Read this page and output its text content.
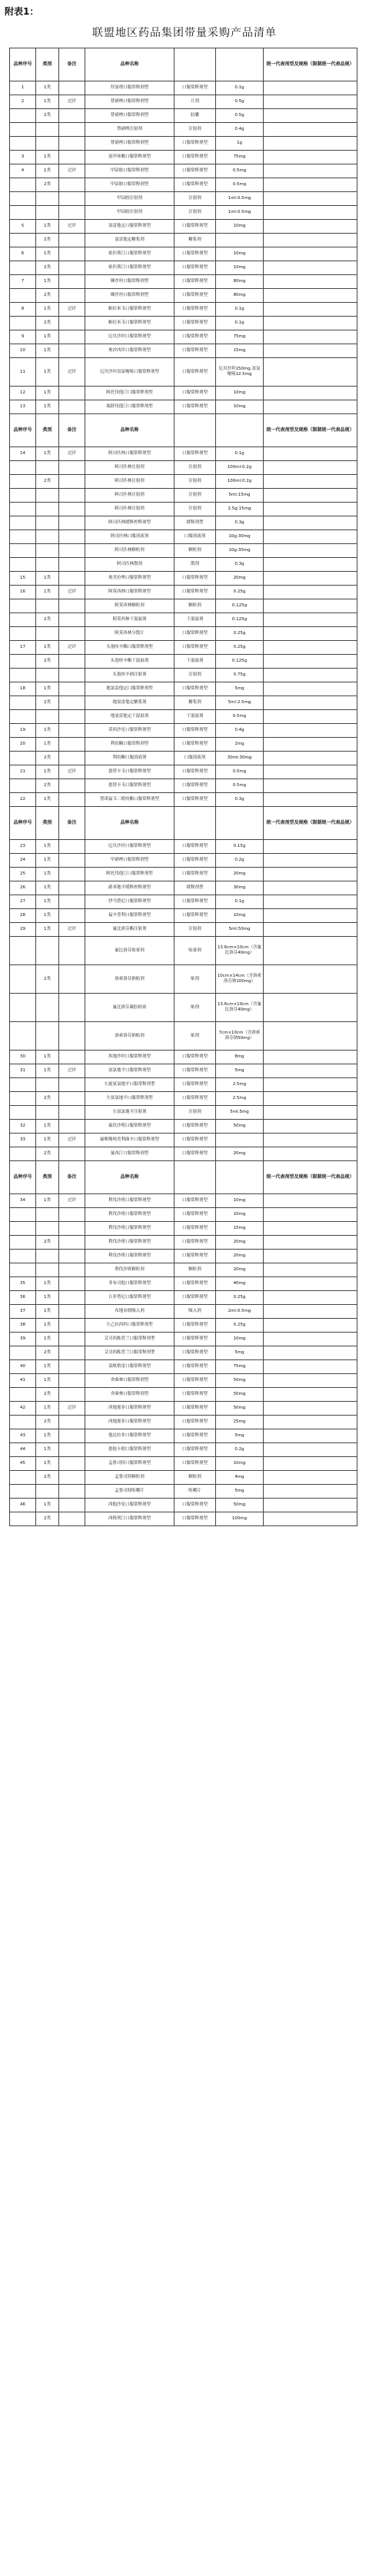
附表1：
联盟地区药品集团带量采购产品清单
品种序号	类别	备注	品种名称			统一代表剂型及规格（限制统一代表品规）
1	1类		羟氯喹口服常释剂型	口服常释剂型	0.1g	
2	1类	过评	替硝唑口服常释剂型	片剂	0.5g	
	2类		替硝唑口服常释剂型	胶囊	0.5g	
			替硝唑注射剂	注射剂	0.4g	
			替硝唑口服常释剂型	口服常释剂型	1g	
3	1类		氨甲环酸口服常释剂型	口服常释剂型	75mg	
4	1类	过评	甲钴胺口服常释剂型	口服常释剂型	0.5mg	
	2类		甲钴胺口服常释剂型	口服常释剂型	0.5mg	
			甲钴胺注射剂	注射剂	1ml:0.5mg	
			甲钴胺注射剂	注射剂	1ml:0.5mg	
5	1类	过评	氯雷他定口服常释剂型	口服常释剂型	10mg	
	2类		氯雷他定糖浆剂	糖浆剂		
6	1类		依匹斯汀口服常释剂型	口服常释剂型	10mg	
	2类		依匹斯汀口服常释剂型	口服常释剂型	10mg	
7	1类		缬沙坦口服常释剂型	口服常释剂型	80mg	
	2类		缬沙坦口服常释剂型	口服常释剂型	80mg	
8	1类	过评	帕拉米韦口服常释剂型	口服常释剂型	0.1g	
	2类		帕拉米韦口服常释剂型	口服常释剂型	0.1g	
9	1类		厄贝沙坦口服常释剂型	口服常释剂型	75mg	
10	1类		奥沙西泮口服常释剂型	口服常释剂型	15mg	
11	1类	过评	厄贝沙坦氢氯噻嗪口服常释剂型	口服常释剂型	厄贝沙坦150mg,氢氯噻嗪12.5mg	
12	1类		阿托伐他汀口服常释剂型	口服常释剂型	10mg	
13	1类		瑞舒伐他汀口服常释剂型	口服常释剂型	10mg	
品种序号	类别	备注	品种名称			统一代表剂型及规格（限制统一代表品规）
14	1类	过评	阿司匹林口服常释剂型	口服常释剂型	0.1g	
			阿司匹林注射剂	注射剂	100ml:0.2g	
	2类		阿司匹林注射剂	注射剂	100ml:0.2g	
			阿司匹林注射剂	注射剂	5ml:15mg	
			阿司匹林注射剂	注射剂	2.5g:15mg	
			阿司匹林缓释控释剂型	缓释剂型	0.3g	
			阿司匹林口服溶液剂	口服溶液剂	10g:30mg	
			阿司匹林颗粒剂	颗粒剂	10g:30mg	
			阿司匹林散剂	散剂	0.3g	
15	1类		奥美拉唑口服常释剂型	口服常释剂型	20mg	
16	1类	过评	阿莫西林口服常释剂型	口服常释剂型	0.25g	
			阿莫西林颗粒剂	颗粒剂	0.125g	
	2类		阿莫西林干混悬剂	干混悬剂	0.125g	
			阿莫西林分散片	口服常释剂型	0.25g	
17	1类	过评	头孢呋辛酯口服常释剂型	口服常释剂型	0.25g	
	2类		头孢呋辛酯干混悬剂	干混悬剂	0.125g	
			头孢呋辛钠注射剂	注射剂	0.75g	
18	1类		地氯雷他定口服常释剂型	口服常释剂型	5mg	
	2类		地氯雷他定糖浆剂	糖浆剂	5ml:2.5mg	
			地氯雷他定干混悬剂	干混悬剂	0.5mg	
19	1类		莫西沙星口服常释剂型	口服常释剂型	0.4g	
20	1类		利培酮口服常释剂型	口服常释剂型	1mg	
	2类		利培酮口服溶液剂	口服溶液剂	30ml:30mg	
21	1类	过评	恩替卡韦口服常释剂型	口服常释剂型	0.5mg	
	2类		恩替卡韦口服常释剂型	口服常释剂型	0.5mg	
22	1类		替诺福韦二吡呋酯口服常释剂型	口服常释剂型	0.3g	
品种序号	类别	备注	品种名称			统一代表剂型及规格（限制统一代表品规）
23	1类		厄贝沙坦口服常释剂型	口服常释剂型	0.15g	
24	1类		甲硝唑口服常释剂型	口服常释剂型	0.2g	
25	1类		阿托伐他汀口服常释剂型	口服常释剂型	20mg	
26	1类		硝苯地平缓释控释剂型	缓释剂型	30mg	
27	1类		伊马替尼口服常释剂型	口服常释剂型	0.1g	
28	1类		福辛普利口服常释剂型	口服常释剂型	10mg	
29	1类	过评	氟比洛芬酯注射剂	注射剂	5ml:50mg	
			氟比洛芬贴膏剂	贴膏剂	13.6cm×10cm（含氟比洛芬40mg）	
	2类		洛索洛芬钠贴剂	贴剂	10cm×14cm（含洛索洛芬钠100mg）	
			氟比洛芬凝胶贴膏	贴剂	13.6cm×10cm（含氟比洛芬40mg）	
			洛索洛芬钠贴剂	贴剂	7cm×10cm（含洛索洛芬钠50mg）	
30	1类		坎地沙坦口服常释剂型	口服常释剂型	8mg	
31	1类	过评	氨氯地平口服常释剂型	口服常释剂型	5mg	
			左旋氨氯地平口服常释剂型	口服常释剂型	2.5mg	
	2类		左氨氯地平口服常释剂型	口服常释剂型	2.5mg	
			左氨氯地平注射剂	注射剂	5ml:5mg	
32	1类		氟伏沙明口服常释剂型	口服常释剂型	50mg	
33	1类	过评	氟哌噻吨美利曲辛口服常释剂型	口服常释剂型		
	2类		氟西汀口服常释剂型	口服常释剂型	20mg	
品种序号	类别	备注	品种名称			统一代表剂型及规格（限制统一代表品规）
34	1类	过评	利伐沙班口服常释剂型	口服常释剂型	10mg	
			利伐沙班口服常释剂型	口服常释剂型	10mg	
			利伐沙班口服常释剂型	口服常释剂型	15mg	
	2类		利伐沙班口服常释剂型	口服常释剂型	20mg	
			利伐沙班口服常释剂型	口服常释剂型	20mg	
			利伐沙班颗粒剂	颗粒剂	20mg	
35	1类		非布司他口服常释剂型	口服常释剂型	40mg	
36	1类		吉非替尼口服常释剂型	口服常释剂型	0.25g	
37	1类		布地奈德吸入剂	吸入剂	2ml:0.5mg	
38	1类		左乙拉西坦口服常释剂型	口服常释剂型	0.25g	
39	1类		艾司西酞普兰口服常释剂型	口服常释剂型	10mg	
	2类		艾司西酞普兰口服常释剂型	口服常释剂型	5mg	
40	1类		氯吡格雷口服常释剂型	口服常释剂型	75mg	
41	1类		舍曲林口服常释剂型	口服常释剂型	50mg	
	2类		舍曲林口服常释剂型	口服常释剂型	50mg	
42	1类	过评	西地那非口服常释剂型	口服常释剂型	50mg	
	2类		西地那非口服常释剂型	口服常释剂型	25mg	
43	1类		他达拉非口服常释剂型	口服常释剂型	5mg	
44	1类		恩他卡朋口服常释剂型	口服常释剂型	0.2g	
45	1类		孟鲁司特口服常释剂型	口服常释剂型	10mg	
	2类		孟鲁司特颗粒剂	颗粒剂	4mg	
			孟鲁司特咀嚼片	咀嚼片	5mg	
46	1类		西他沙星口服常释剂型	口服常释剂型	50mg	
	2类		西格列汀口服常释剂型	口服常释剂型	100mg	
